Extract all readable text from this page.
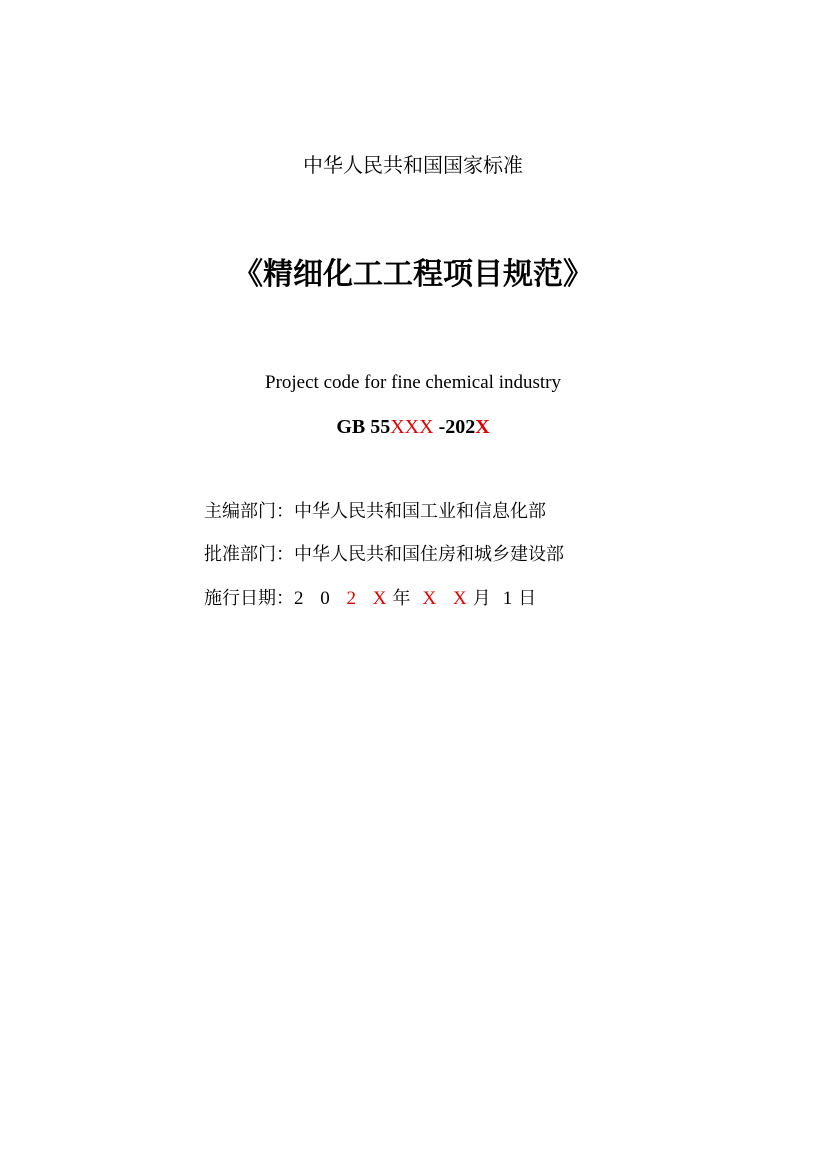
中华人民共和国国家标准
《精细化工工程项目规范》
Project code for fine chemical industry
GB 55XXX -202X
主编部门：中华人民共和国工业和信息化部
批准部门：中华人民共和国住房和城乡建设部
施行日期：2 0 2 X年 X X月 1日
